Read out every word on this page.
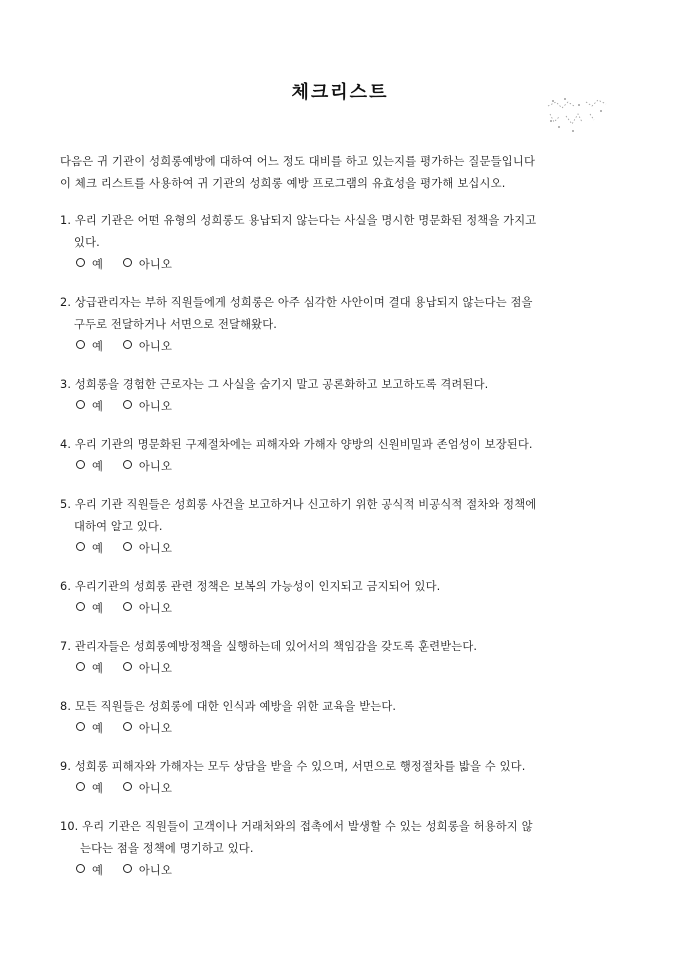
체크리스트
다음은 귀 기관이 성희롱예방에 대하여 어느 정도 대비를 하고 있는지를 평가하는 질문들입니다
이 체크 리스트를 사용하여 귀 기관의 성희롱 예방 프로그램의 유효성을 평가해 보십시오.
1. 우리 기관은 어떤 유형의 성희롱도 용납되지 않는다는 사실을 명시한 명문화된 정책을 가지고
있다.
예	아니오
2. 상급관리자는 부하 직원들에게 성희롱은 아주 심각한 사안이며 결대 용납되지 않는다는 점을
구두로 전달하거나 서면으로 전달해왔다.
예	아니오
3. 성희롱을 경험한 근로자는 그 사실을 숨기지 말고 공론화하고 보고하도록 격려된다.
예	아니오
4. 우리 기관의 명문화된 구제절차에는 피해자와 가해자 양방의 신원비밀과 존엄성이 보장된다.
예	아니오
5. 우리 기관 직원들은 성희롱 사건을 보고하거나 신고하기 위한 공식적 비공식적 절차와 정책에
대하여 알고 있다.
예	아니오
6. 우리기관의 성희롱 관련 정책은 보복의 가능성이 인지되고 금지되어 있다.
예	아니오
7. 관리자들은 성희롱예방정책을 실행하는데 있어서의 책임감을 갖도록 훈련받는다.
예	아니오
8. 모든 직원들은 성희롱에 대한 인식과 예방을 위한 교육을 받는다.
예	아니오
9. 성희롱 피해자와 가해자는 모두 상담을 받을 수 있으며, 서면으로 행정절차를 밟을 수 있다.
예	아니오
10. 우리 기관은 직원들이 고객이나 거래처와의 접촉에서 발생할 수 있는 성희롱을 허용하지 않
는다는 점을 정책에 명기하고 있다.
예	아니오
